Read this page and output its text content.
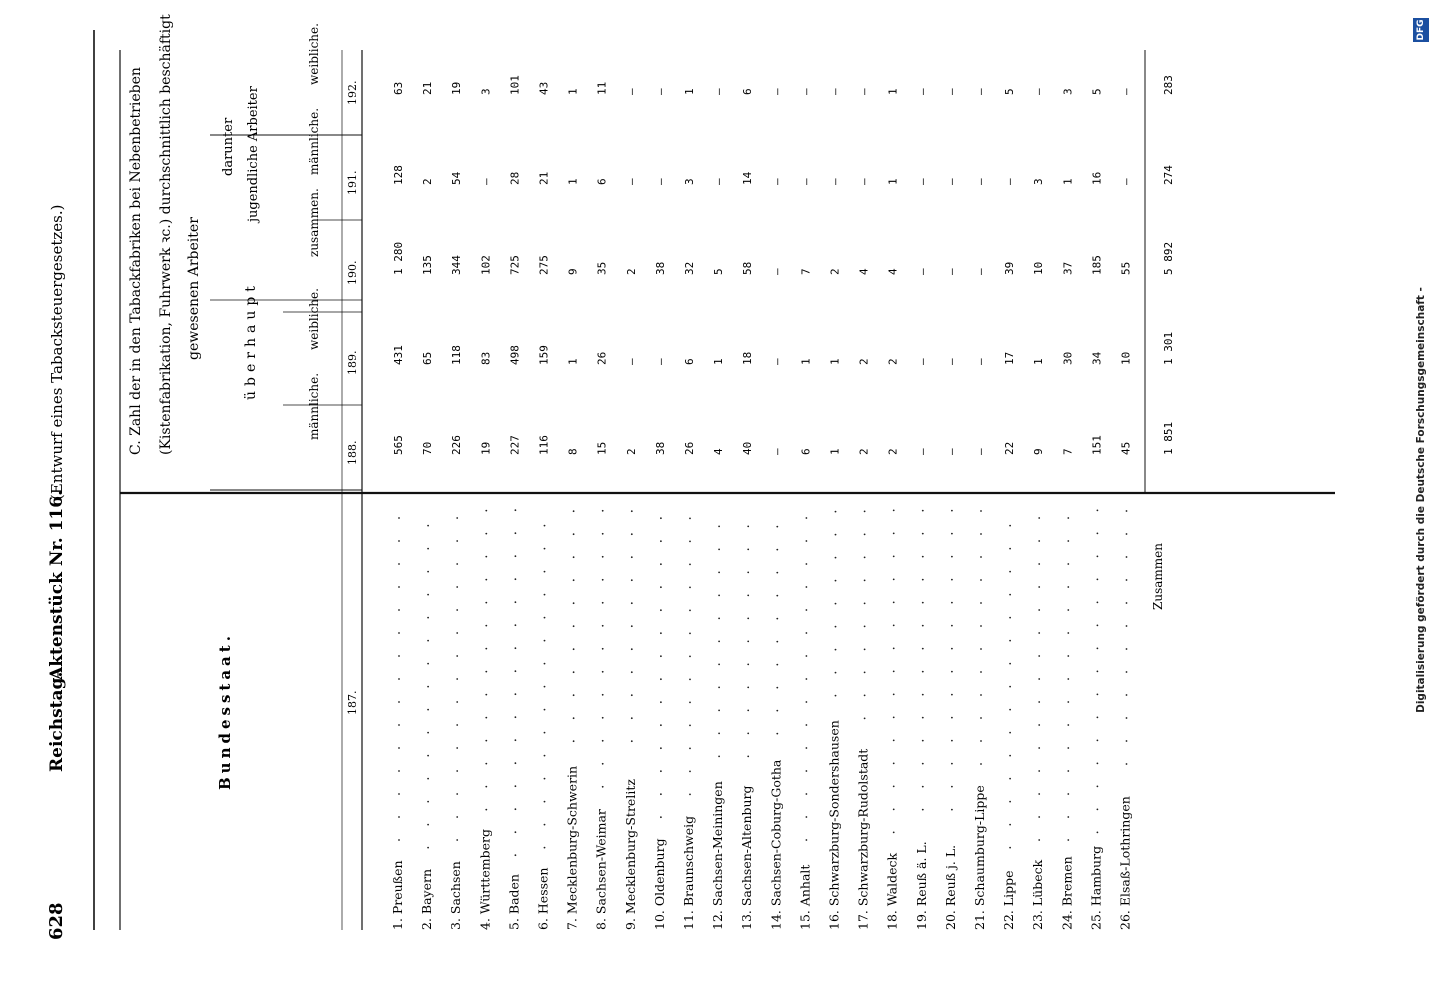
628
Reichstag.
Aktenstück Nr. 116.
(Entwurf eines Tabacksteuergesetzes.)
Bundesstaat.
C. Zahl der in den Tabackfabriken bei Nebenbetrieben (Kistenfabrikation, Fuhrwerk ꝛc.) durchschnittlich beschäftigt gewesenen Arbeiter	überhaupt
darunter jugendliche Arbeiter
männliche.
weibliche.
zusammen.
männliche.
weibliche.
187.
188.
189.
190.
191.
192.
1. Preußen 2. Bayern 3. Sachsen 4. Württemberg 5. Baden 6. Hessen 7. Mecklenburg-Schwerin 8. Sachsen-Weimar 9. Mecklenburg-Strelitz 10. Oldenburg 11. Braunschweig 12. Sachsen-Meiningen 13. Sachsen-Altenburg 14. Sachsen-Coburg-Gotha 15. Anhalt 16. Schwarzburg-Sondershausen 17. Schwarzburg-Rudolstadt 18. Waldeck 19. Reuß ä. L. 20. Reuß j. L. 21. Schaumburg-Lippe 22. Lippe 23. Lübeck 24. Bremen 25. Hamburg 26. Elsaß-Lothringen
565
431
1 280
128
63
70
65
135
2
21
226
118
344
54
19
19
83
102
—
3
227
498
725
28
101
116
159
275
21
43
8
1
9
1
1
15
26
35
6
11
2
—
2
—
—
38
—
38
—
—
26
6
32
3
1
4
1
5
—
—
40
18
58
14
6
—
—
—
—
—
6
1
7
—
—
1
1
2
—
—
2
2
4
—
—
2
2
4
1
1
—
—
—
—
—
—
—
—
—
—
—
—
—
—
—
22
17
39
—
5
9
1
10
3
—
7
30
37
1
3
151
34
185
16
5
45
10
55
—
—
1 851
1 301
5 892
274
283
Zusammen
DFG
Digitalisierung gefördert durch die Deutsche Forschungsgemeinschaft -
